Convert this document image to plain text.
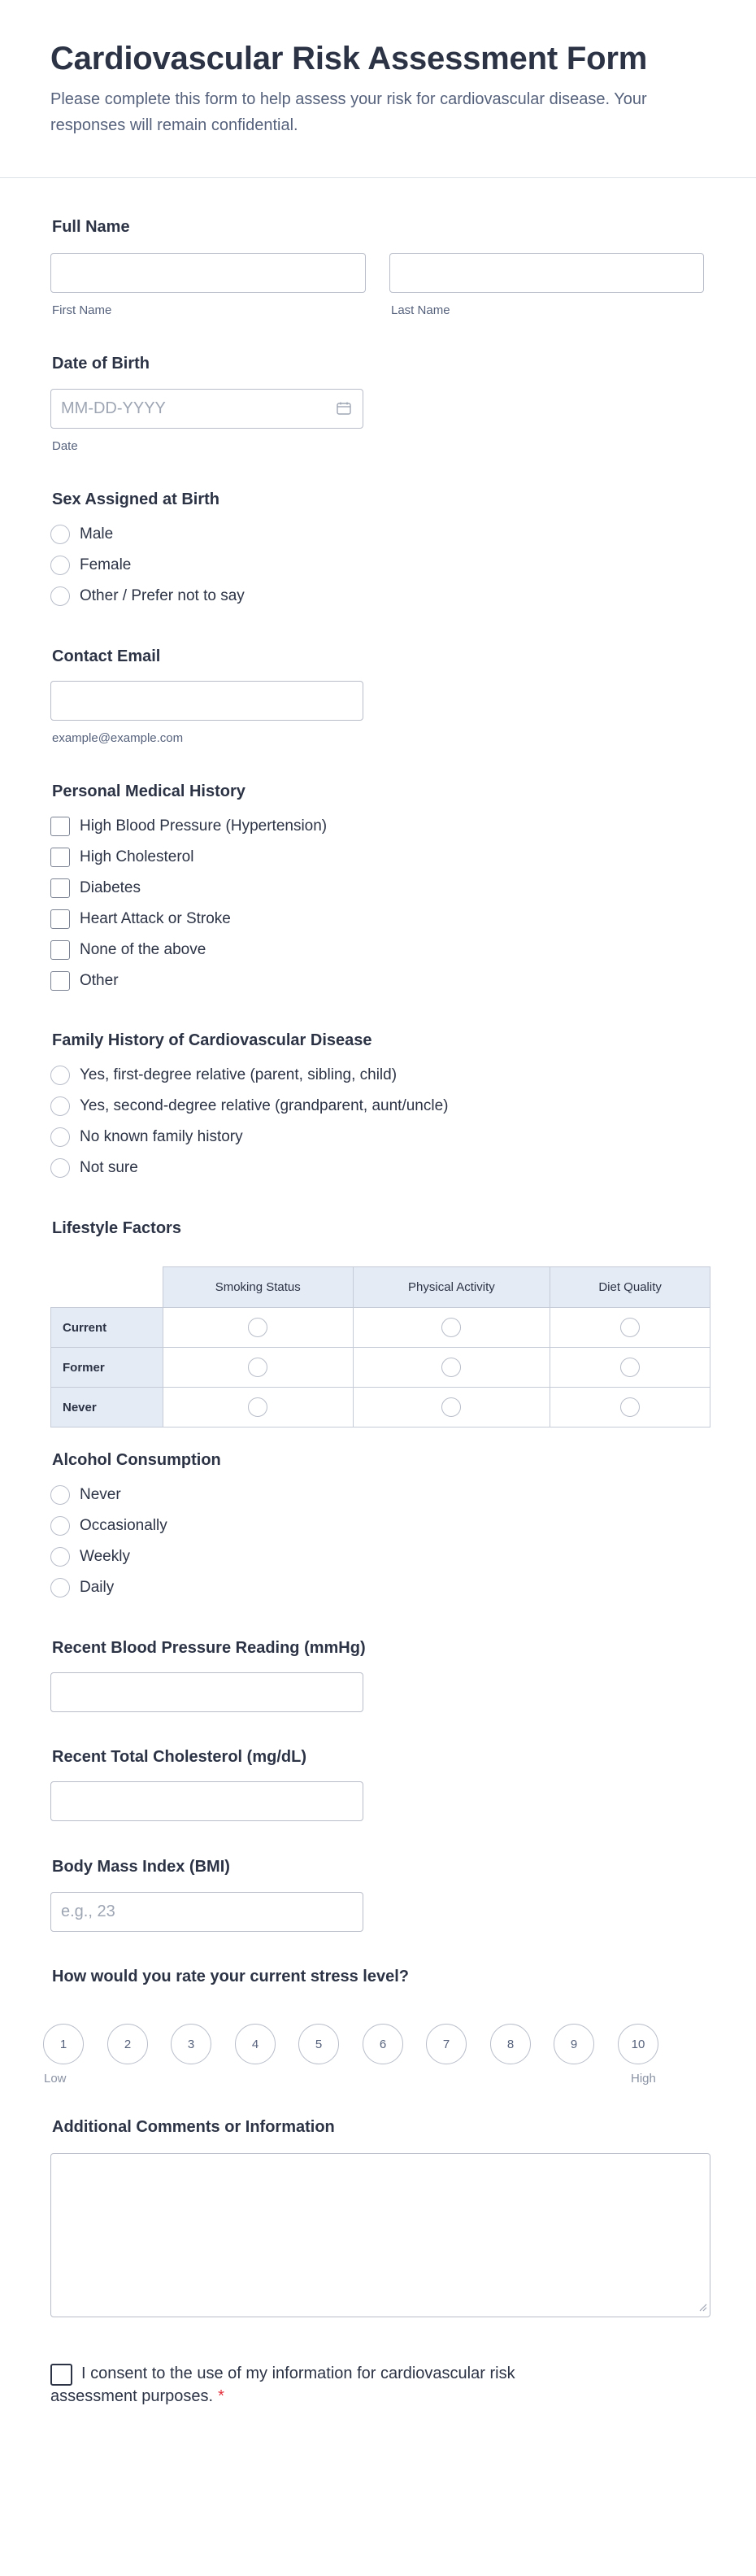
Cardiovascular Risk Assessment Form

Please complete this form to help assess your risk for cardiovascular disease. Your responses will remain confidential.

Full Name
First Name	Last Name
Date of Birth
MM-DD-YYYY
Date
Sex Assigned at Birth
Male
Female
Other / Prefer not to say
Contact Email
example@example.com
Personal Medical History
High Blood Pressure (Hypertension)
High Cholesterol
Diabetes
Heart Attack or Stroke
None of the above
Other
Family History of Cardiovascular Disease
Yes, first-degree relative (parent, sibling, child)
Yes, second-degree relative (grandparent, aunt/uncle)
No known family history
Not sure
Lifestyle Factors
	Smoking Status	Physical Activity	Diet Quality
Current			
Former			
Never			
Alcohol Consumption
Never
Occasionally
Weekly
Daily
Recent Blood Pressure Reading (mmHg)
Recent Total Cholesterol (mg/dL)
Body Mass Index (BMI)
e.g., 23
How would you rate your current stress level?
1	2	3	4	5	6	7	8	9	10
Low	High
Additional Comments or Information
I consent to the use of my information for cardiovascular risk assessment purposes. *
